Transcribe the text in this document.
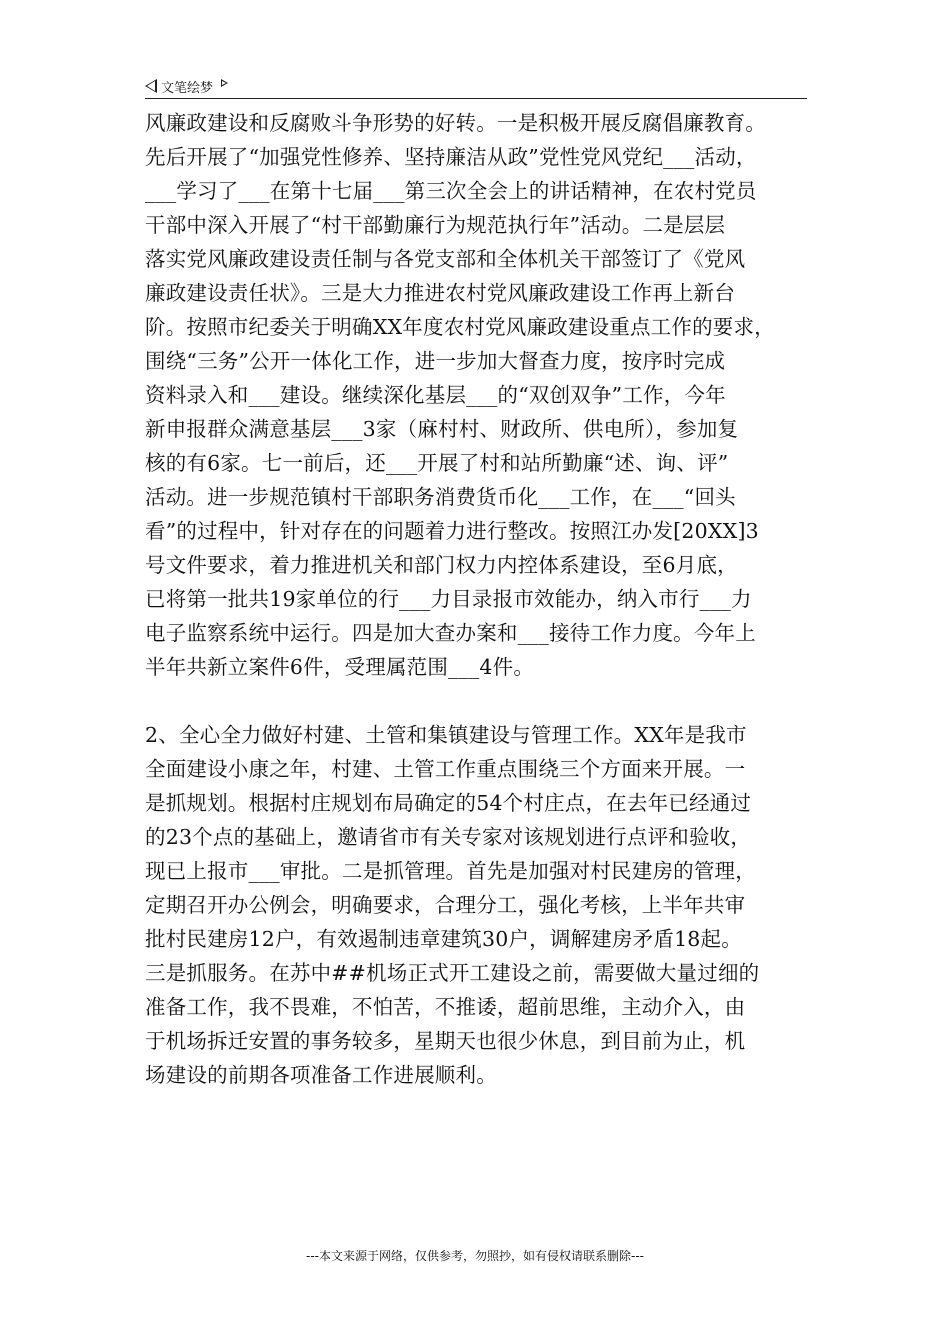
文笔绘梦
风廉政建设和反腐败斗争形势的好转。一是积极开展反腐倡廉教育。
先后开展了“加强党性修养、坚持廉洁从政”党性党风党纪___活动，
___学习了___在第十七届___第三次全会上的讲话精神，在农村党员
干部中深入开展了“村干部勤廉行为规范执行年”活动。二是层层
落实党风廉政建设责任制与各党支部和全体机关干部签订了《党风
廉政建设责任状》。三是大力推进农村党风廉政建设工作再上新台
阶。按照市纪委关于明确XX年度农村党风廉政建设重点工作的要求，
围绕“三务”公开一体化工作，进一步加大督查力度，按序时完成
资料录入和___建设。继续深化基层___的“双创双争”工作，今年
新申报群众满意基层___3家（麻村村、财政所、供电所），参加复
核的有6家。七一前后，还___开展了村和站所勤廉“述、询、评”
活动。进一步规范镇村干部职务消费货币化___工作，在___“回头
看”的过程中，针对存在的问题着力进行整改。按照江办发[20XX]3
号文件要求，着力推进机关和部门权力内控体系建设，至6月底，
已将第一批共19家单位的行___力目录报市效能办，纳入市行___力
电子监察系统中运行。四是加大查办案和___接待工作力度。今年上
半年共新立案件6件，受理属范围___4件。
2、全心全力做好村建、土管和集镇建设与管理工作。XX年是我市
全面建设小康之年，村建、土管工作重点围绕三个方面来开展。一
是抓规划。根据村庄规划布局确定的54个村庄点，在去年已经通过
的23个点的基础上，邀请省市有关专家对该规划进行点评和验收，
现已上报市___审批。二是抓管理。首先是加强对村民建房的管理，
定期召开办公例会，明确要求，合理分工，强化考核，上半年共审
批村民建房12户，有效遏制违章建筑30户，调解建房矛盾18起。
三是抓服务。在苏中##机场正式开工建设之前，需要做大量过细的
准备工作，我不畏难，不怕苦，不推诿，超前思维，主动介入，由
于机场拆迁安置的事务较多，星期天也很少休息，到目前为止，机
场建设的前期各项准备工作进展顺利。
---本文来源于网络，仅供参考，勿照抄，如有侵权请联系删除---
